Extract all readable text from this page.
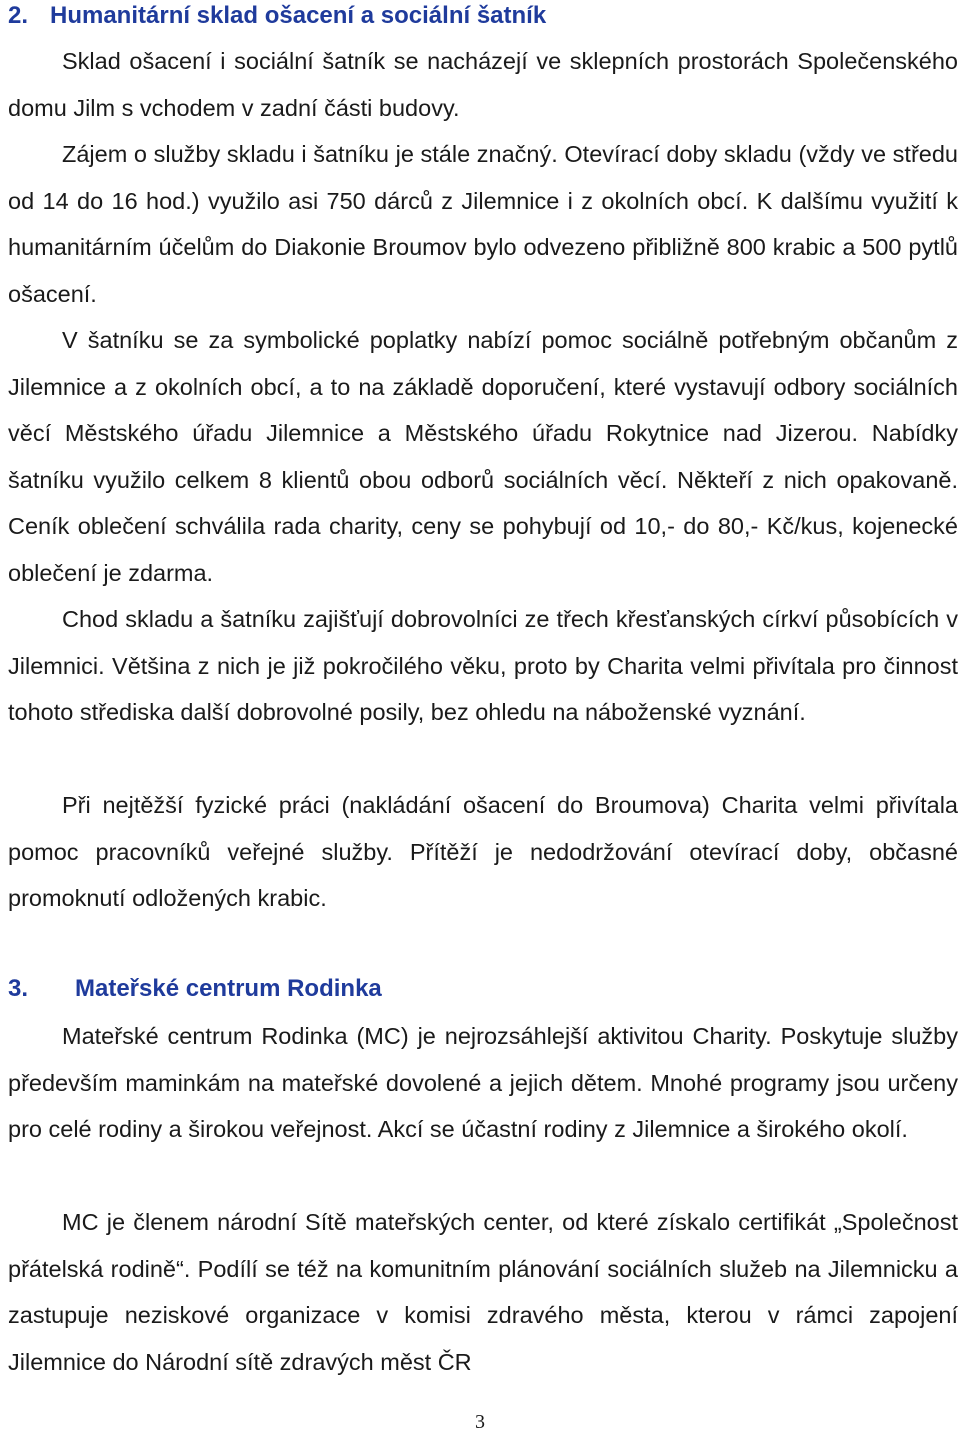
2. Humanitární sklad ošacení a sociální šatník

Sklad ošacení i sociální šatník se nacházejí ve sklepních prostorách Společenského domu Jilm s vchodem v zadní části budovy.

Zájem o služby skladu i šatníku je stále značný. Otevírací doby skladu (vždy ve středu od 14 do 16 hod.) využilo asi 750 dárců z Jilemnice i z okolních obcí. K dalšímu využití k humanitárním účelům do Diakonie Broumov bylo odvezeno přibližně 800 krabic a 500 pytlů ošacení.

V šatníku se za symbolické poplatky nabízí pomoc sociálně potřebným občanům z Jilemnice a z okolních obcí, a to na základě doporučení, které vystavují odbory sociálních věcí Městského úřadu Jilemnice a Městského úřadu Rokytnice nad Jizerou. Nabídky šatníku využilo celkem 8 klientů obou odborů sociálních věcí. Někteří z nich opakovaně. Ceník oblečení schválila rada charity, ceny se pohybují od 10,- do 80,- Kč/kus, kojenecké oblečení je zdarma.

Chod skladu a šatníku zajišťují dobrovolníci ze třech křesťanských církví působících v Jilemnici. Většina z nich je již pokročilého věku, proto by Charita velmi přivítala pro činnost tohoto střediska další dobrovolné posily, bez ohledu na náboženské vyznání.

Při nejtěžší fyzické práci (nakládání ošacení do Broumova) Charita velmi přivítala pomoc pracovníků veřejné služby. Přítěží je nedodržování otevírací doby, občasné promoknutí odložených krabic.

3. Mateřské centrum Rodinka

Mateřské centrum Rodinka (MC) je nejrozsáhlejší aktivitou Charity. Poskytuje služby především maminkám na mateřské dovolené a jejich dětem. Mnohé programy jsou určeny pro celé rodiny a širokou veřejnost. Akcí se účastní rodiny z Jilemnice a širokého okolí.

MC je členem národní Sítě mateřských center, od které získalo certifikát „Společnost přátelská rodině“. Podílí se též na komunitním plánování sociálních služeb na Jilemnicku a zastupuje neziskové organizace v komisi zdravého města, kterou v rámci zapojení Jilemnice do Národní sítě zdravých měst ČR

3
